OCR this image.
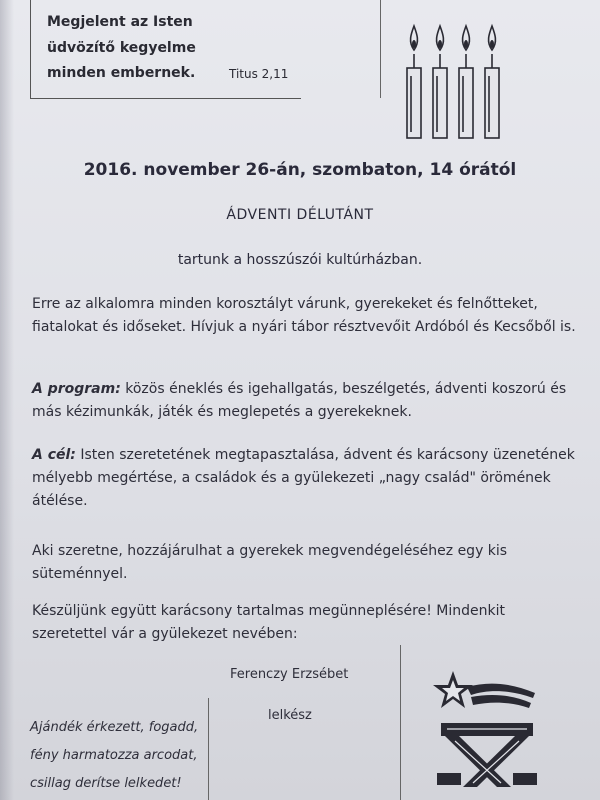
Megjelent az Isten
üdvözítő kegyelme
minden embernek.	Titus 2,11
2016. november 26-án, szombaton, 14 órától
ÁDVENTI DÉLUTÁNT
tartunk a hosszúszói kultúrházban.
Erre az alkalomra minden korosztályt várunk, gyerekeket és felnőtteket, fiatalokat és időseket. Hívjuk a nyári tábor résztvevőit Ardóból és Kecsőből is.
A program: közös éneklés és igehallgatás, beszélgetés, ádventi koszorú és más kézimunkák, játék és meglepetés a gyerekeknek.
A cél: Isten szeretetének megtapasztalása, ádvent és karácsony üzenetének mélyebb megértése, a családok és a gyülekezeti „nagy család" örömének átélése.
Aki szeretne, hozzájárulhat a gyerekek megvendégeléséhez egy kis süteménnyel.
Készüljünk együtt karácsony tartalmas megünneplésére! Mindenkit szeretettel vár a gyülekezet nevében:
Ferenczy Erzsébet
lelkész
Ajándék érkezett, fogadd,
fény harmatozza arcodat,
csillag derítse lelkedet!
